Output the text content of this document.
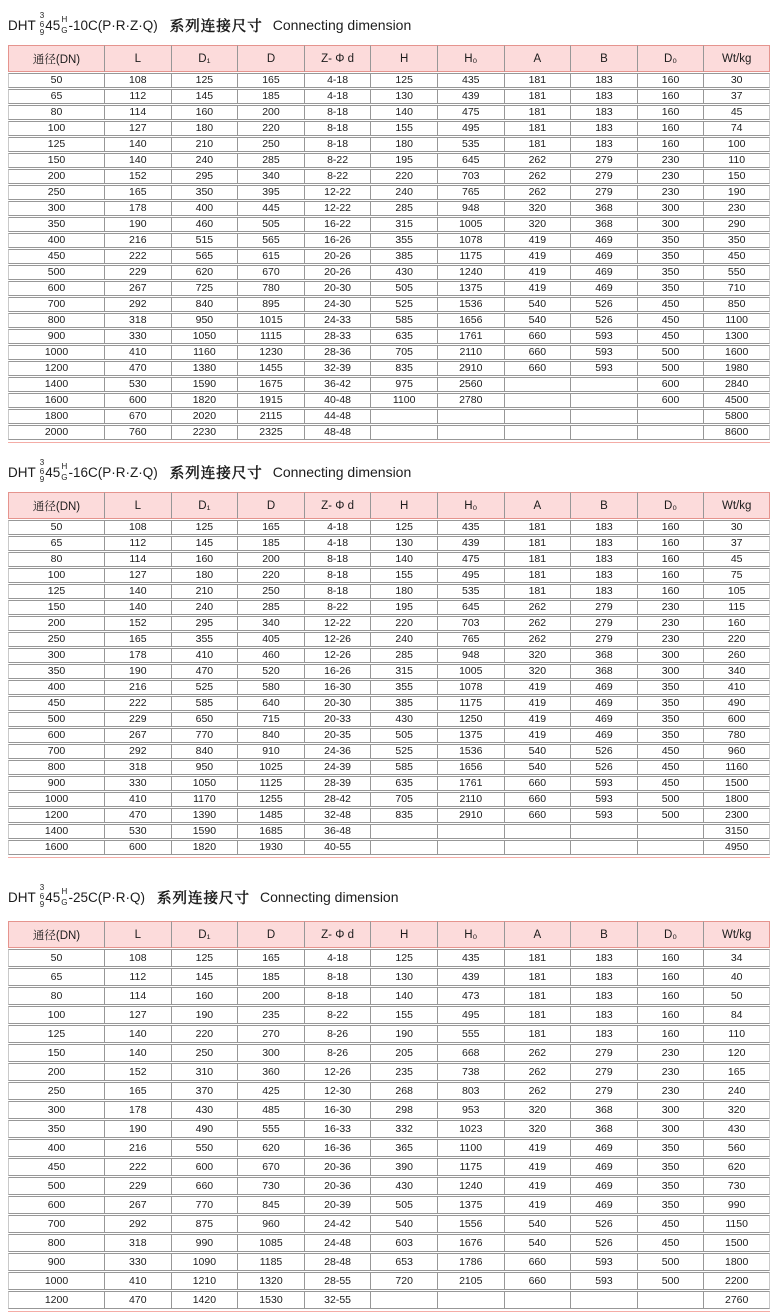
DHT
3
6
9
45 H
G -10C(P·R·Z·Q) 系列连接尺寸 Connecting dimension
通径(DN)	L	D₁	D	Z- Φ d	H	H₀	A	B	D₀	Wt/kg
50	108	125	165	4-18	125	435	181	183	160	30
65	112	145	185	4-18	130	439	181	183	160	37
80	114	160	200	8-18	140	475	181	183	160	45
100	127	180	220	8-18	155	495	181	183	160	74
125	140	210	250	8-18	180	535	181	183	160	100
150	140	240	285	8-22	195	645	262	279	230	110
200	152	295	340	8-22	220	703	262	279	230	150
250	165	350	395	12-22	240	765	262	279	230	190
300	178	400	445	12-22	285	948	320	368	300	230
350	190	460	505	16-22	315	1005	320	368	300	290
400	216	515	565	16-26	355	1078	419	469	350	350
450	222	565	615	20-26	385	1175	419	469	350	450
500	229	620	670	20-26	430	1240	419	469	350	550
600	267	725	780	20-30	505	1375	419	469	350	710
700	292	840	895	24-30	525	1536	540	526	450	850
800	318	950	1015	24-33	585	1656	540	526	450	1100
900	330	1050	1115	28-33	635	1761	660	593	450	1300
1000	410	1160	1230	28-36	705	2110	660	593	500	1600
1200	470	1380	1455	32-39	835	2910	660	593	500	1980
1400	530	1590	1675	36-42	975	2560			600	2840
1600	600	1820	1915	40-48	1100	2780			600	4500
1800	670	2020	2115	44-48						5800
2000	760	2230	2325	48-48						8600
DHT
3
6
9
45 H
G -16C(P·R·Z·Q) 系列连接尺寸 Connecting dimension
通径(DN)	L	D₁	D	Z- Φ d	H	H₀	A	B	D₀	Wt/kg
50	108	125	165	4-18	125	435	181	183	160	30
65	112	145	185	4-18	130	439	181	183	160	37
80	114	160	200	8-18	140	475	181	183	160	45
100	127	180	220	8-18	155	495	181	183	160	75
125	140	210	250	8-18	180	535	181	183	160	105
150	140	240	285	8-22	195	645	262	279	230	115
200	152	295	340	12-22	220	703	262	279	230	160
250	165	355	405	12-26	240	765	262	279	230	220
300	178	410	460	12-26	285	948	320	368	300	260
350	190	470	520	16-26	315	1005	320	368	300	340
400	216	525	580	16-30	355	1078	419	469	350	410
450	222	585	640	20-30	385	1175	419	469	350	490
500	229	650	715	20-33	430	1250	419	469	350	600
600	267	770	840	20-35	505	1375	419	469	350	780
700	292	840	910	24-36	525	1536	540	526	450	960
800	318	950	1025	24-39	585	1656	540	526	450	1160
900	330	1050	1125	28-39	635	1761	660	593	450	1500
1000	410	1170	1255	28-42	705	2110	660	593	500	1800
1200	470	1390	1485	32-48	835	2910	660	593	500	2300
1400	530	1590	1685	36-48						3150
1600	600	1820	1930	40-55						4950
DHT
3
6
9
45 H
G -25C(P·R·Q) 系列连接尺寸 Connecting dimension
通径(DN)	L	D₁	D	Z- Φ d	H	H₀	A	B	D₀	Wt/kg
50	108	125	165	4-18	125	435	181	183	160	34
65	112	145	185	8-18	130	439	181	183	160	40
80	114	160	200	8-18	140	473	181	183	160	50
100	127	190	235	8-22	155	495	181	183	160	84
125	140	220	270	8-26	190	555	181	183	160	110
150	140	250	300	8-26	205	668	262	279	230	120
200	152	310	360	12-26	235	738	262	279	230	165
250	165	370	425	12-30	268	803	262	279	230	240
300	178	430	485	16-30	298	953	320	368	300	320
350	190	490	555	16-33	332	1023	320	368	300	430
400	216	550	620	16-36	365	1100	419	469	350	560
450	222	600	670	20-36	390	1175	419	469	350	620
500	229	660	730	20-36	430	1240	419	469	350	730
600	267	770	845	20-39	505	1375	419	469	350	990
700	292	875	960	24-42	540	1556	540	526	450	1150
800	318	990	1085	24-48	603	1676	540	526	450	1500
900	330	1090	1185	28-48	653	1786	660	593	500	1800
1000	410	1210	1320	28-55	720	2105	660	593	500	2200
1200	470	1420	1530	32-55						2760
